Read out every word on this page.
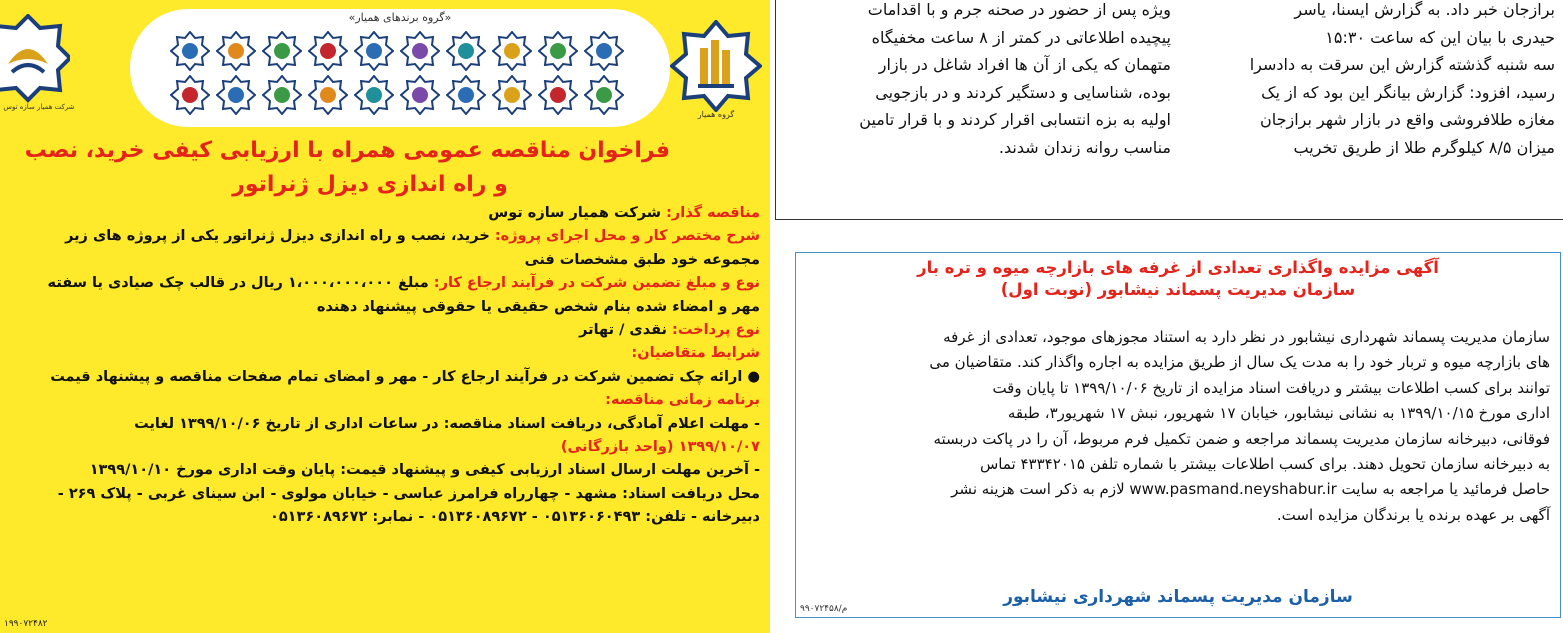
گروه همیار
شرکت همیار سازه توس
«گروه برندهای همیار»
فراخوان مناقصه عمومی همراه با ارزیابی کیفی خرید، نصب
و راه اندازی دیزل ژنراتور
مناقصه گذار: شرکت همیار سازه توس
شرح مختصر کار و محل اجرای پروژه: خرید، نصب و راه اندازی دیزل ژنراتور یکی از پروژه های زیر
مجموعه خود طبق مشخصات فنی
نوع و مبلغ تضمین شرکت در فرآیند ارجاع کار: مبلغ ۱،۰۰۰،۰۰۰،۰۰۰ ریال در قالب چک صیادی یا سفته
مهر و امضاء شده بنام شخص حقیقی یا حقوقی پیشنهاد دهنده
نوع پرداخت: نقدی / تهاتر
شرایط متقاضیان:
● ارائه چک تضمین شرکت در فرآیند ارجاع کار - مهر و امضای تمام صفحات مناقصه و پیشنهاد قیمت
برنامه زمانی مناقصه:
- مهلت اعلام آمادگی، دریافت اسناد مناقصه: در ساعات اداری از تاریخ ۱۳۹۹/۱۰/۰۶ لغایت
۱۳۹۹/۱۰/۰۷ (واحد بازرگانی)
- آخرین مهلت ارسال اسناد ارزیابی کیفی و پیشنهاد قیمت: پایان وقت اداری مورخ ۱۳۹۹/۱۰/۱۰
محل دریافت اسناد: مشهد - چهارراه فرامرز عباسی - خیابان مولوی - ابن سینای غربی - پلاک ۲۶۹ -
دبیرخانه - تلفن: ۰۵۱۳۶۰۶۰۴۹۳ - ۰۵۱۳۶۰۸۹۶۷۲ - نمابر: ۰۵۱۳۶۰۸۹۶۷۲
۱۹۹۰۷۲۴۸۲
برازجان خبر داد. به گزارش ایسنا، یاسر
حیدری با بیان این که ساعت ۱۵:۳۰
سه شنبه گذشته گزارش این سرقت به دادسرا
رسید، افزود: گزارش بیانگر این بود که از یک
مغازه طلافروشی واقع در بازار شهر برازجان
میزان ۸/۵ کیلوگرم طلا از طریق تخریب
ویژه پس از حضور در صحنه جرم و با اقدامات
پیچیده اطلاعاتی در کمتر از ۸ ساعت مخفیگاه
متهمان که یکی از آن ها افراد شاغل در بازار
بوده، شناسایی و دستگیر کردند و در بازجویی
اولیه به بزه انتسابی اقرار کردند و با قرار تامین
مناسب روانه زندان شدند.
آگهی مزایده واگذاری تعدادی از غرفه های بازارچه میوه و تره بار
سازمان مدیریت پسماند نیشابور (نوبت اول)
سازمان مدیریت پسماند شهرداری نیشابور در نظر دارد به استناد مجوزهای موجود، تعدادی از غرفه
های بازارچه میوه و تربار خود را به مدت یک سال از طریق مزایده به اجاره واگذار کند. متقاضیان می
توانند برای کسب اطلاعات بیشتر و دریافت اسناد مزایده از تاریخ ۱۳۹۹/۱۰/۰۶ تا پایان وقت
اداری مورخ ۱۳۹۹/۱۰/۱۵ به نشانی نیشابور، خیابان ۱۷ شهریور، نبش ۱۷ شهریور۳، طبقه
فوقانی، دبیرخانه سازمان مدیریت پسماند مراجعه و ضمن تکمیل فرم مربوط، آن را در پاکت دربسته
به دبیرخانه سازمان تحویل دهند. برای کسب اطلاعات بیشتر با شماره تلفن ۴۳۳۴۲۰۱۵ تماس
حاصل فرمائید یا مراجعه به سایت www.pasmand.neyshabur.ir لازم به ذکر است هزینه نشر
آگهی بر عهده برنده یا برندگان مزایده است.
سازمان مدیریت پسماند شهرداری نیشابور
۹۹۰۷۲۴۵۸/م
